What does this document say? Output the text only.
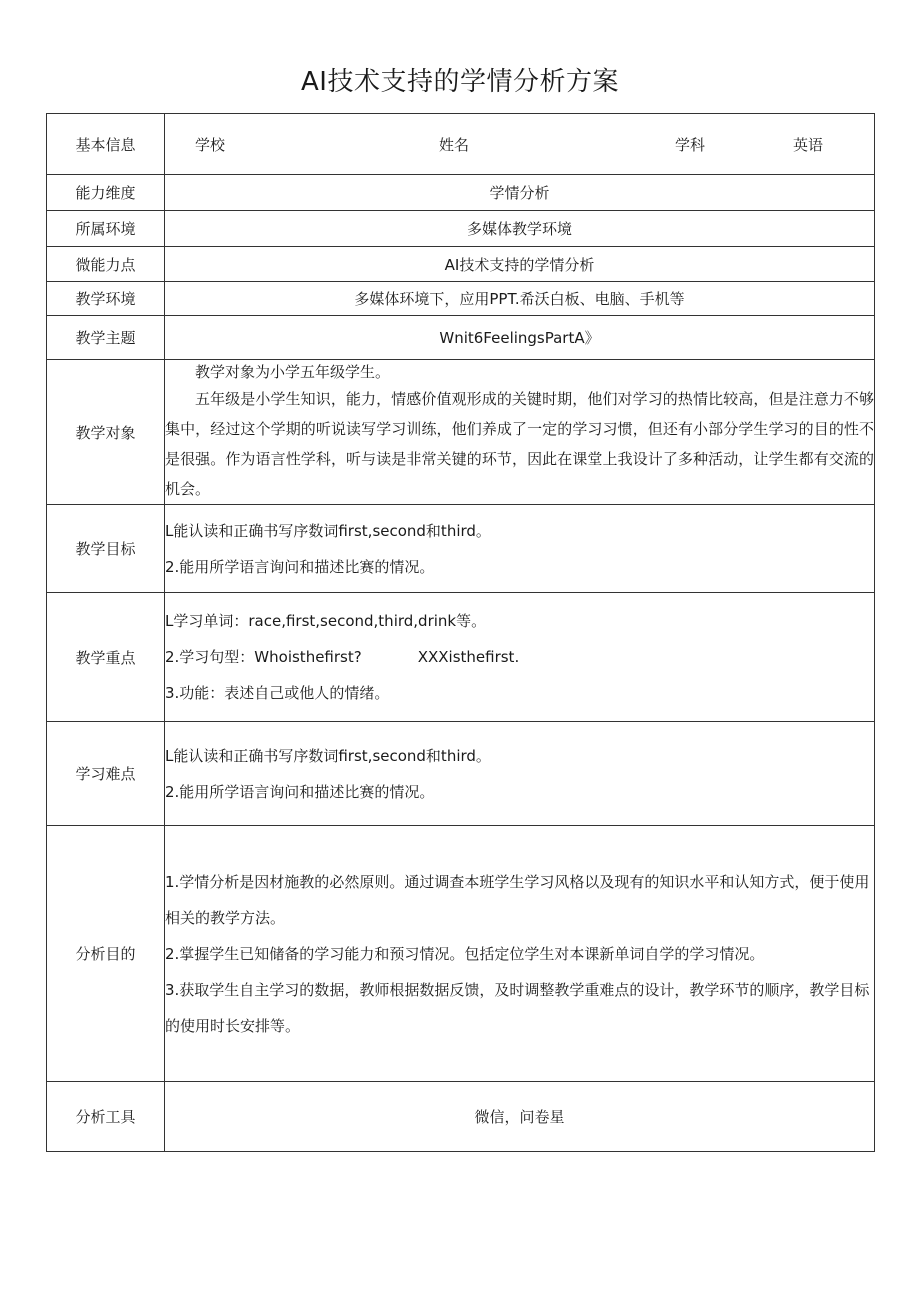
AI技术支持的学情分析方案
基本信息	学校 姓名 学科 英语

能力维度	学情分析
所属环境	多媒体教学环境
微能力点	AI技术支持的学情分析
教学环境	多媒体环境下，应用PPT.希沃白板、电脑、手机等
教学主题	Wnit6FeelingsPartA》
教学对象	教学对象为小学五年级学生。

五年级是小学生知识，能力，情感价值观形成的关键时期，他们对学习的热情比较高，但是注意力不够集中，经过这个学期的听说读写学习训练，他们养成了一定的学习习惯，但还有小部分学生学习的目的性不是很强。作为语言性学科，听与读是非常关键的环节，因此在课堂上我设计了多种活动，让学生都有交流的机会。

教学目标	L能认读和正确书写序数词first,second和third。

2.能用所学语言询问和描述比赛的情况。

教学重点	L学习单词：race,first,second,third,drink等。

2.学习句型：Whoisthefirst? XXXisthefirst.

3.功能：表述自己或他人的情绪。

学习难点	L能认读和正确书写序数词first,second和third。

2.能用所学语言询问和描述比赛的情况。

分析目的	1.学情分析是因材施教的必然原则。通过调查本班学生学习风格以及现有的知识水平和认知方式，便于使用相关的教学方法。

2.掌握学生已知储备的学习能力和预习情况。包括定位学生对本课新单词自学的学习情况。

3.获取学生自主学习的数据，教师根据数据反馈，及时调整教学重难点的设计，教学环节的顺序，教学目标的使用时长安排等。

分析工具	微信，问卷星
